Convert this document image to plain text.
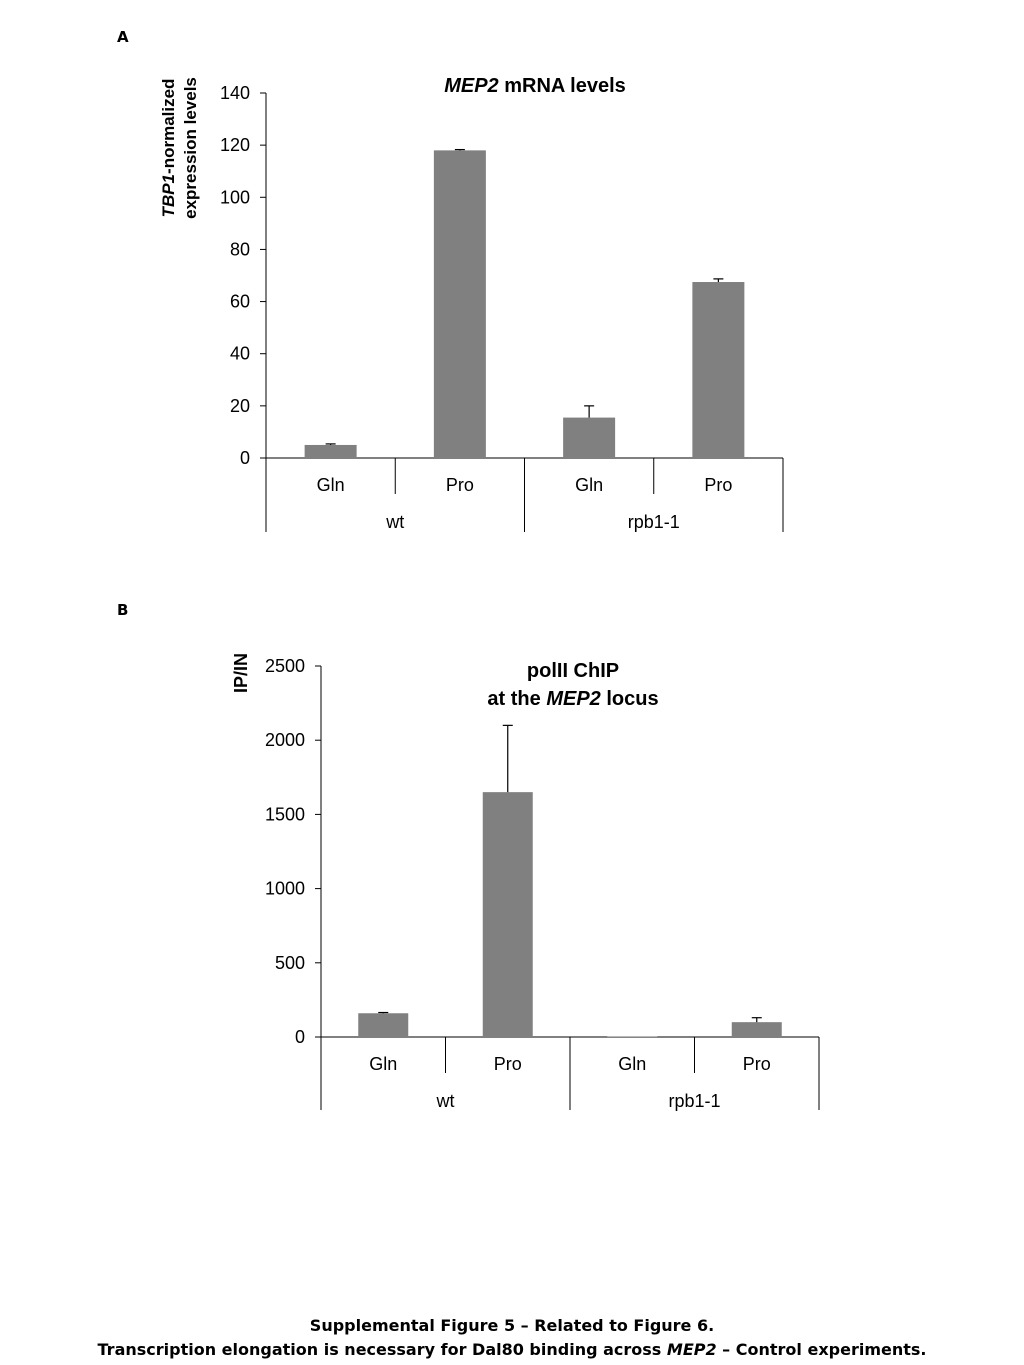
A
B
0
20
40
60
80
100
120
140
Gln	Pro	Gln	Pro
wt	rpb1-1
MEP2 mRNA levels
TBP1-normalized expression levels
0
500
1000
1500
2000
2500
Gln	Pro	Gln	Pro
wt	rpb1-1
polII ChIP
at the MEP2 locus
IP/IN
Supplemental Figure 5 – Related to Figure 6.
Transcription elongation is necessary for Dal80 binding across MEP2 – Control experiments.
